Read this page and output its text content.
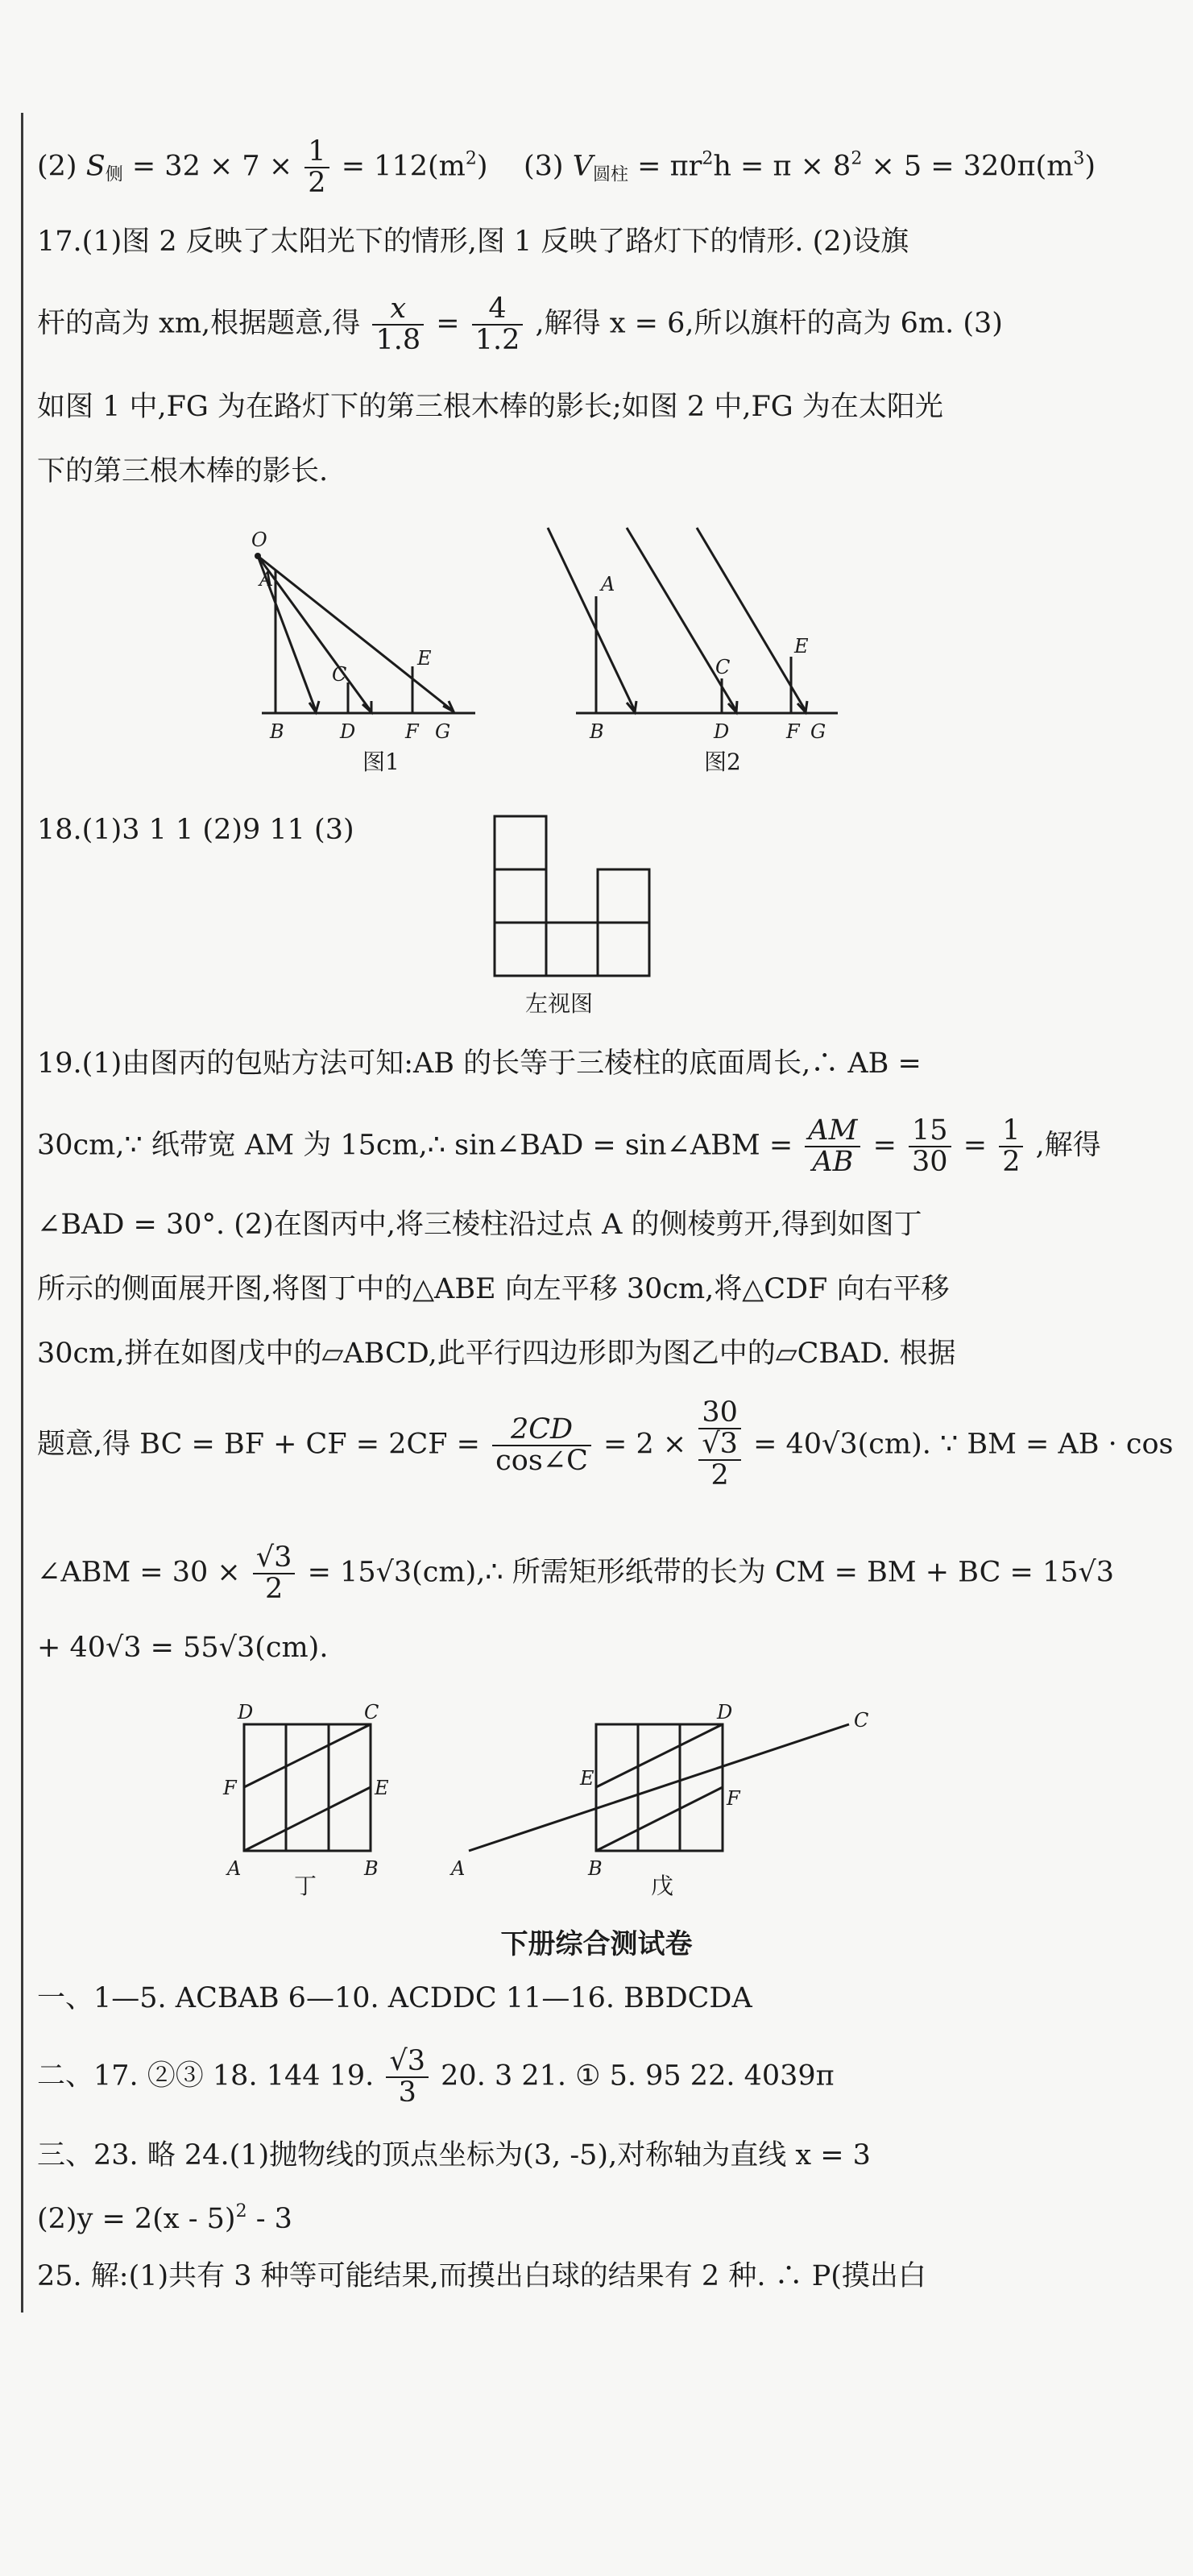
(2) $S_侧 = 32 \times 7 \times \frac{1}{2} = 112(m^2)$ (3) $V_{圆柱} = \pi r^2h = \pi \times 8^2 \times 5 = 320\pi(m^3)$
17.(1)图 2 反映了太阳光下的情形,图 1 反映了路灯下的情形. (2)设旗
杆的高为 xm,根据题意,得 $\frac{x}{1.8} = \frac{4}{1.2}$ ,解得 x = 6,所以旗杆的高为 6m. (3)
如图 1 中,FG 为在路灯下的第三根木棒的影长;如图 2 中,FG 为在太阳光
下的第三根木棒的影长.
O
A
B
C
D
E
F G
图1
A
B
C
D
E
F G
图2
18.(1)3 1 1 (2)9 11 (3)
左视图
19.(1)由图丙的包贴方法可知:AB 的长等于三棱柱的底面周长,∴ AB =
30cm,∵ 纸带宽 AM 为 15cm,∴ sin∠BAD = sin∠ABM = $\frac{AM}{AB} = \frac{15}{30} = \frac{1}{2}$ ,解得
∠BAD = 30°. (2)在图丙中,将三棱柱沿过点 A 的侧棱剪开,得到如图丁
所示的侧面展开图,将图丁中的△ABE 向左平移 30cm,将△CDF 向右平移
30cm,拼在如图戊中的▱ABCD,此平行四边形即为图乙中的▱CBAD. 根据
题意,得 BC = BF + CF = $2CF = \frac{2CD}{\cos\angle C} = 2$ ×
30
√3
2
= 40√3(cm). ∵ BM = AB · cos
∠ABM = $30 \times \frac{√3}{2}$ = 15√3(cm),∴ 所需矩形纸带的长为 CM = BM + BC = 15√3
+ 40√3 = 55√3(cm).
D	C
F	E
A	B
丁
D	C
E
F
A	B
戊
下册综合测试卷
一、1—5. ACBAB 6—10. ACDDC 11—16. BBDCDA
二、17. ②③ 18. 144 19. $\frac{√3}{3} 20$. 3 21. ① 5. 95 22. 4039π
三、23. 略 24.(1)抛物线的顶点坐标为(3, -5),对称轴为直线 x = 3
(2)y = 2(x - 5)$^2$ - 3
25. 解:(1)共有 3 种等可能结果,而摸出白球的结果有 2 种. ∴ P(摸出白
